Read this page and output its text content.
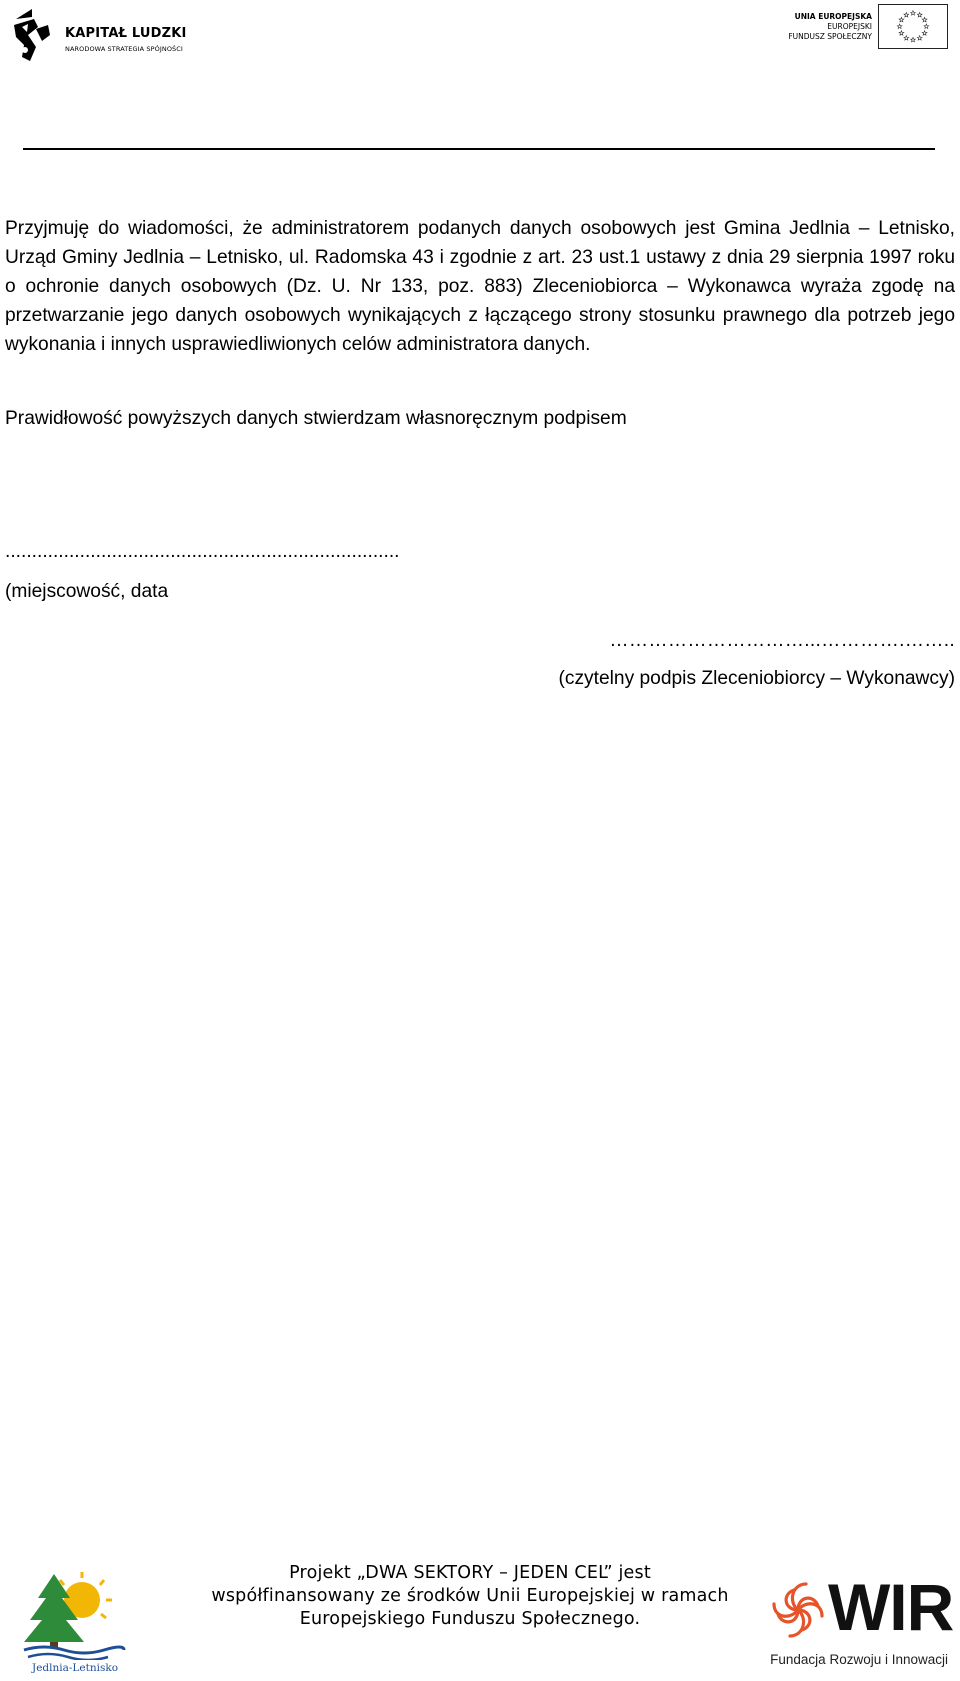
KAPITAŁ LUDZKI
NARODOWA STRATEGIA SPÓJNOŚCI
UNIA EUROPEJSKA
EUROPEJSKI
FUNDUSZ SPOŁECZNY

Przyjmuję do wiadomości, że administratorem podanych danych osobowych jest Gmina Jedlnia – Letnisko, Urząd Gminy Jedlnia – Letnisko, ul. Radomska 43 i zgodnie z art. 23 ust.1 ustawy z dnia 29 sierpnia 1997 roku o ochronie danych osobowych (Dz. U. Nr 133, poz. 883) Zleceniobiorca – Wykonawca wyraża zgodę na przetwarzanie jego danych osobowych wynikających z łączącego strony stosunku prawnego dla potrzeb jego wykonania i innych usprawiedliwionych celów administratora danych.

Prawidłowość powyższych danych stwierdzam własnoręcznym podpisem

..........................................................................

(miejscowość, data

…………………………...………….……..

(czytelny podpis Zleceniobiorcy – Wykonawcy)

Jedlnia-Letnisko
Projekt „DWA SEKTORY – JEDEN CEL” jest
współfinansowany ze środków Unii Europejskiej w ramach
Europejskiego Funduszu Społecznego.	WIR
Fundacja Rozwoju i Innowacji
